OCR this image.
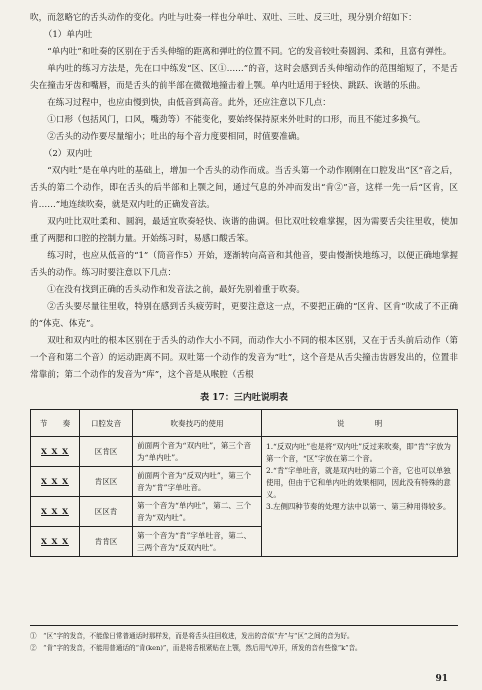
吹，而忽略它的舌头动作的变化。内吐与吐奏一样也分单吐、双吐、三吐、反三吐，现分别介绍如下：

（1）单内吐

“单内吐”和吐奏的区别在于舌头伸缩的距离和弹吐的位置不同。它的发音较吐奏圆润、柔和，且富有弹性。

单内吐的练习方法是，先在口中练发“区、区①……”的音，这时会感到舌头伸缩动作的范围缩短了，不是舌尖在撞击牙齿和嘴唇，而是舌头的前半部在微微地撞击着上颚。单内吐适用于轻快、跳跃、诙谐的乐曲。

在练习过程中，也应由慢到快，由低音到高音。此外，还应注意以下几点：

①口形（包括风门，口风，嘴劲等）不能变化，要始终保持原来外吐时的口形，而且不能过多换气。

②舌头的动作要尽量缩小；吐出的每个音力度要相同，时值要准确。

（2）双内吐

“双内吐”是在单内吐的基础上，增加一个舌头的动作而成。当舌头第一个动作刚刚在口腔发出“区”音之后，舌头的第二个动作，即在舌头的后半部和上颚之间，通过气息的外冲而发出“肯②”音，这样一先一后“区肯，区肯……”地连续吹奏，就是双内吐的正确发音法。

双内吐比双吐柔和、圆润，最适宜吹奏轻快、诙谐的曲调。但比双吐较难掌握，因为需要舌尖往里收，使加重了两腮和口腔的控制力量。开始练习时，易感口酸舌笨。

练习时，也应从低音的“1”（筒音作5）开始，逐渐转向高音和其他音，要由慢渐快地练习，以便正确地掌握舌头的动作。练习时要注意以下几点：

①在没有找到正确的舌头动作和发音法之前，最好先别着重于吹奏。

②舌头要尽量往里收，特别在感到舌头疲劳时，更要注意这一点，不要把正确的“区肯、区肯”吹成了不正确的“体克、体克”。

双吐和双内吐的根本区别在于舌头的动作大小不同，而动作大小不同的根本区别，又在于舌头前后动作（第一个音和第二个音）的运动距离不同。双吐第一个动作的发音为“吐”，这个音是从舌尖撞击齿唇发出的，位置非常靠前；第二个动作的发音为“库”，这个音是从喉腔（舌根

表 17：三内吐说明表
节　　奏	口腔发音	吹奏技巧的使用	说　　　　明
X X X	区肯区	前面两个音为“双内吐”，第三个音为“单内吐”。	1.“反双内吐”也是将“双内吐”反过来吹奏，即“肯”字放为第一个音，“区”字放在第二个音。
2.“肯”字单吐音，就是双内吐的第二个音，它也可以单独使用，但由于它和单内吐的效果相同，因此没有特殊的意义。
3.左侧四种节奏的处理方法中以第一、第三种用得较多。
X X X	肯区区	前面两个音为“反双内吐”，第三个音为“肯”字单吐音。	
X X X	区区肯	第一个音为“单内吐”，第二、三个音为“双内吐”。	
X X X	肯肯区	第一个音为“肯”字单吐音，第二、三两个音为“反双内吐”。	

①　“区”字的发音，不能像日常普通话时那样发，而是将舌头往回收进，发出的音似“卉”与“区”之间的音为好。

②　“肯”字的发音，不能用普通话的“肯(ken)”，而是将舌根紧贴在上颚，然后用气冲开，所发的音有些像“k”音。

91
